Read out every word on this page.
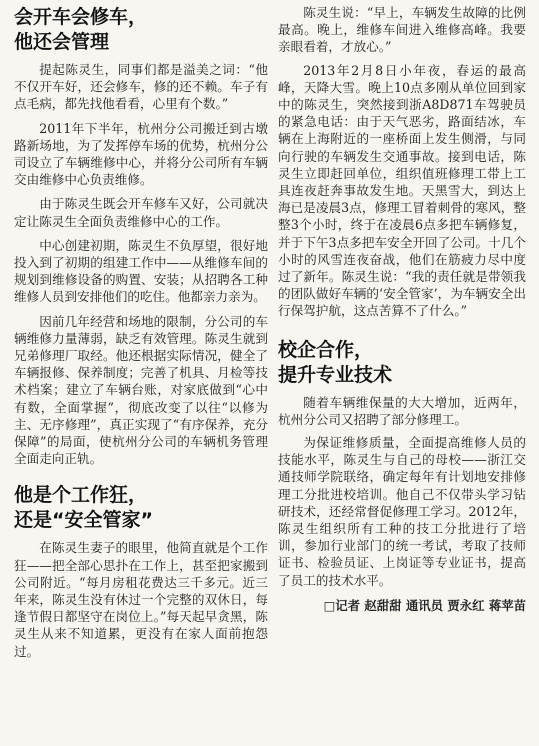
会开车会修车，
他还会管理

提起陈灵生，同事们都是溢美之词：“他不仅开车好，还会修车，修的还不赖。车子有点毛病，都先找他看看，心里有个数。”

2011年下半年，杭州分公司搬迁到古墩路新场地，为了发挥停车场的优势，杭州分公司设立了车辆维修中心，并将分公司所有车辆交由维修中心负责维修。

由于陈灵生既会开车修车又好，公司就决定让陈灵生全面负责维修中心的工作。

中心创建初期，陈灵生不负厚望，很好地投入到了初期的组建工作中——从维修车间的规划到维修设备的购置、安装；从招聘各工种维修人员到安排他们的吃住。他都亲力亲为。

因前几年经营和场地的限制，分公司的车辆维修力量薄弱，缺乏有效管理。陈灵生就到兄弟修理厂取经。他还根据实际情况，健全了车辆报修、保养制度；完善了机具、月检等技术档案；建立了车辆台账，对家底做到“心中有数，全面掌握”，彻底改变了以往“以修为主、无序修理”，真正实现了“有序保养，充分保障”的局面，使杭州分公司的车辆机务管理全面走向正轨。

他是个工作狂，
还是“安全管家”

在陈灵生妻子的眼里，他简直就是个工作狂——把全部心思扑在工作上，甚至把家搬到公司附近。“每月房租花费达三千多元。近三年来，陈灵生没有休过一个完整的双休日，每逢节假日都坚守在岗位上。”每天起早贪黑，陈灵生从来不知道累，更没有在家人面前抱怨过。

陈灵生说：“早上，车辆发生故障的比例最高。晚上，维修车间进入维修高峰。我要亲眼看着，才放心。”

2013年2月8日小年夜，春运的最高峰，天降大雪。晚上10点多刚从单位回到家中的陈灵生，突然接到浙A8D871车驾驶员的紧急电话：由于天气恶劣，路面结冰，车辆在上海附近的一座桥面上发生侧滑，与同向行驶的车辆发生交通事故。接到电话，陈灵生立即赶回单位，组织值班修理工带上工具连夜赶奔事故发生地。天黑雪大，到达上海已是凌晨3点，修理工冒着刺骨的寒风，整整3个小时，终于在凌晨6点多把车辆修复，并于下午3点多把车安全开回了公司。十几个小时的风雪连夜奋战，他们在筋疲力尽中度过了新年。陈灵生说：“我的责任就是带领我的团队做好车辆的‘安全管家’，为车辆安全出行保驾护航，这点苦算不了什么。”

校企合作，
提升专业技术

随着车辆维保量的大大增加，近两年，杭州分公司又招聘了部分修理工。

为保证维修质量，全面提高维修人员的技能水平，陈灵生与自己的母校——浙江交通技师学院联络，确定每年有计划地安排修理工分批进校培训。他自己不仅带头学习钻研技术，还经常督促修理工学习。2012年，陈灵生组织所有工种的技工分批进行了培训，参加行业部门的统一考试，考取了技师证书、检验员证、上岗证等专业证书，提高了员工的技术水平。

□记者 赵甜甜 通讯员 贾永红 蒋苹苗
